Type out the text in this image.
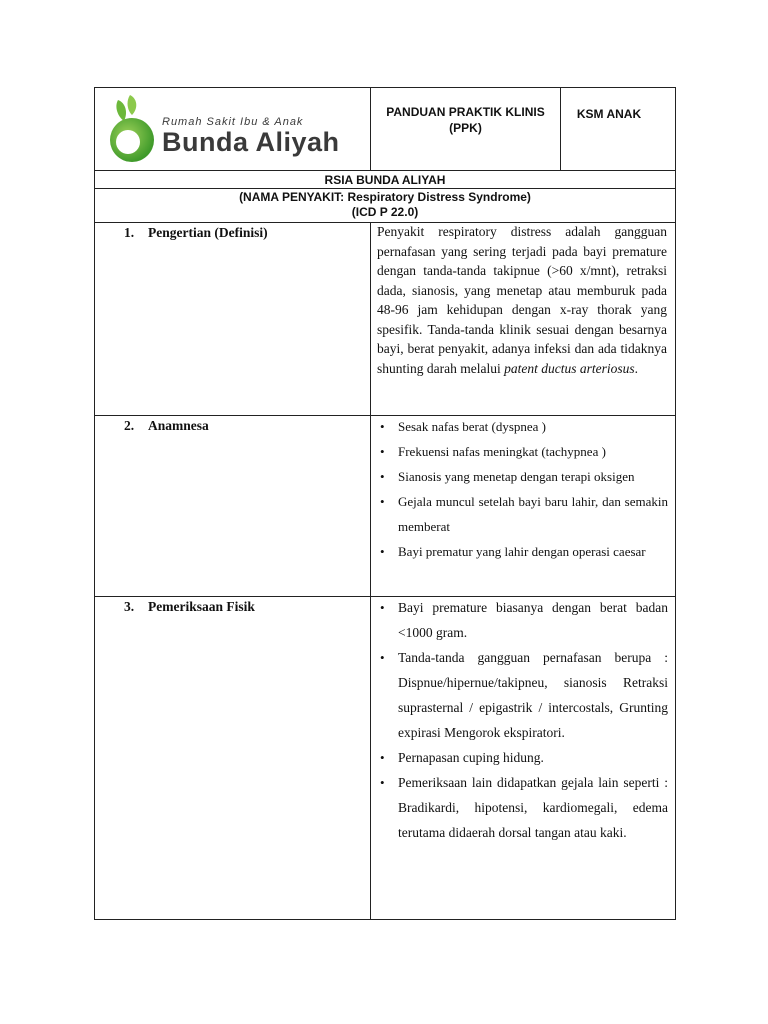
Rumah Sakit Ibu & Anak
Bunda Aliyah
PANDUAN PRAKTIK KLINIS
(PPK)
KSM ANAK
RSIA BUNDA ALIYAH
(NAMA PENYAKIT: Respiratory Distress Syndrome)
(ICD P 22.0)
1. Pengertian (Definisi)	Penyakit respiratory distress adalah gangguan pernafasan yang sering terjadi pada bayi premature dengan tanda-tanda takipnue (>60 x/mnt), retraksi dada, sianosis, yang menetap atau memburuk pada 48-96 jam kehidupan dengan x-ray thorak yang spesifik. Tanda-tanda klinik sesuai dengan besarnya bayi, berat penyakit, adanya infeksi dan ada tidaknya shunting darah melalui patent ductus arteriosus.
2. Anamnesa	• Sesak nafas berat (dyspnea )
• Frekuensi nafas meningkat (tachypnea )
• Sianosis yang menetap dengan terapi oksigen
• Gejala muncul setelah bayi baru lahir, dan semakin memberat
• Bayi prematur yang lahir dengan operasi caesar
3. Pemeriksaan Fisik	• Bayi premature biasanya dengan berat badan <1000 gram.
• Tanda-tanda gangguan pernafasan berupa : Dispnue/hipernue/takipneu, sianosis Retraksi suprasternal / epigastrik / intercostals, Grunting expirasi Mengorok ekspiratori.
• Pernapasan cuping hidung.
• Pemeriksaan lain didapatkan gejala lain seperti : Bradikardi, hipotensi, kardiomegali, edema terutama didaerah dorsal tangan atau kaki.
